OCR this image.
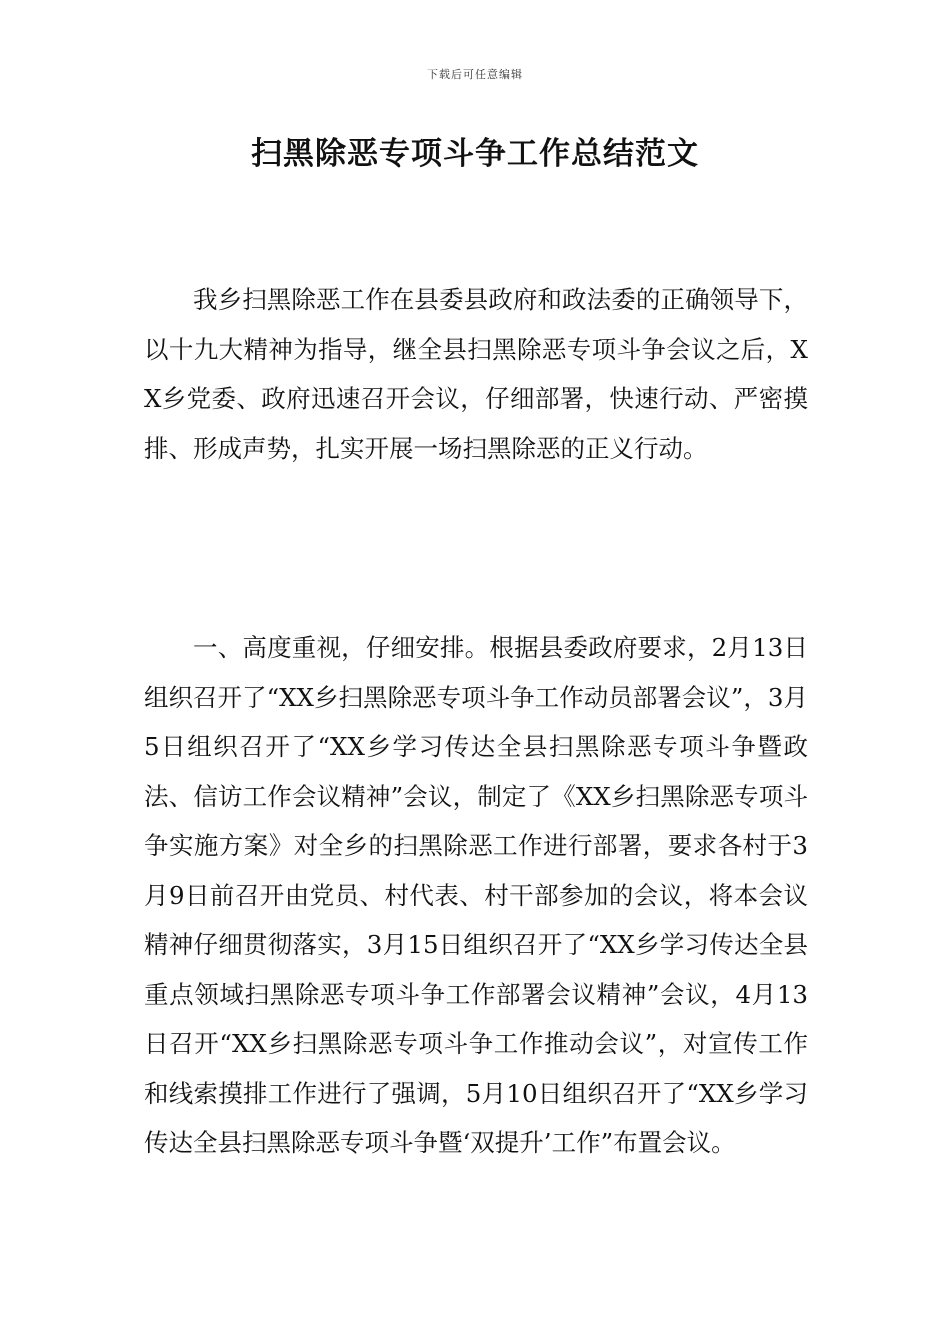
下载后可任意编辑
扫黑除恶专项斗争工作总结范文

我乡扫黑除恶工作在县委县政府和政法委的正确领导下，以十九大精神为指导，继全县扫黑除恶专项斗争会议之后，XX乡党委、政府迅速召开会议，仔细部署，快速行动、严密摸排、形成声势，扎实开展一场扫黑除恶的正义行动。

一、高度重视，仔细安排。根据县委政府要求，2月13日组织召开了“XX乡扫黑除恶专项斗争工作动员部署会议”，3月5日组织召开了“XX乡学习传达全县扫黑除恶专项斗争暨政法、信访工作会议精神”会议，制定了《XX乡扫黑除恶专项斗争实施方案》对全乡的扫黑除恶工作进行部署，要求各村于3月9日前召开由党员、村代表、村干部参加的会议，将本会议精神仔细贯彻落实，3月15日组织召开了“XX乡学习传达全县重点领域扫黑除恶专项斗争工作部署会议精神”会议，4月13日召开“XX乡扫黑除恶专项斗争工作推动会议”，对宣传工作和线索摸排工作进行了强调，5月10日组织召开了“XX乡学习传达全县扫黑除恶专项斗争暨‘双提升’工作”布置会议。
